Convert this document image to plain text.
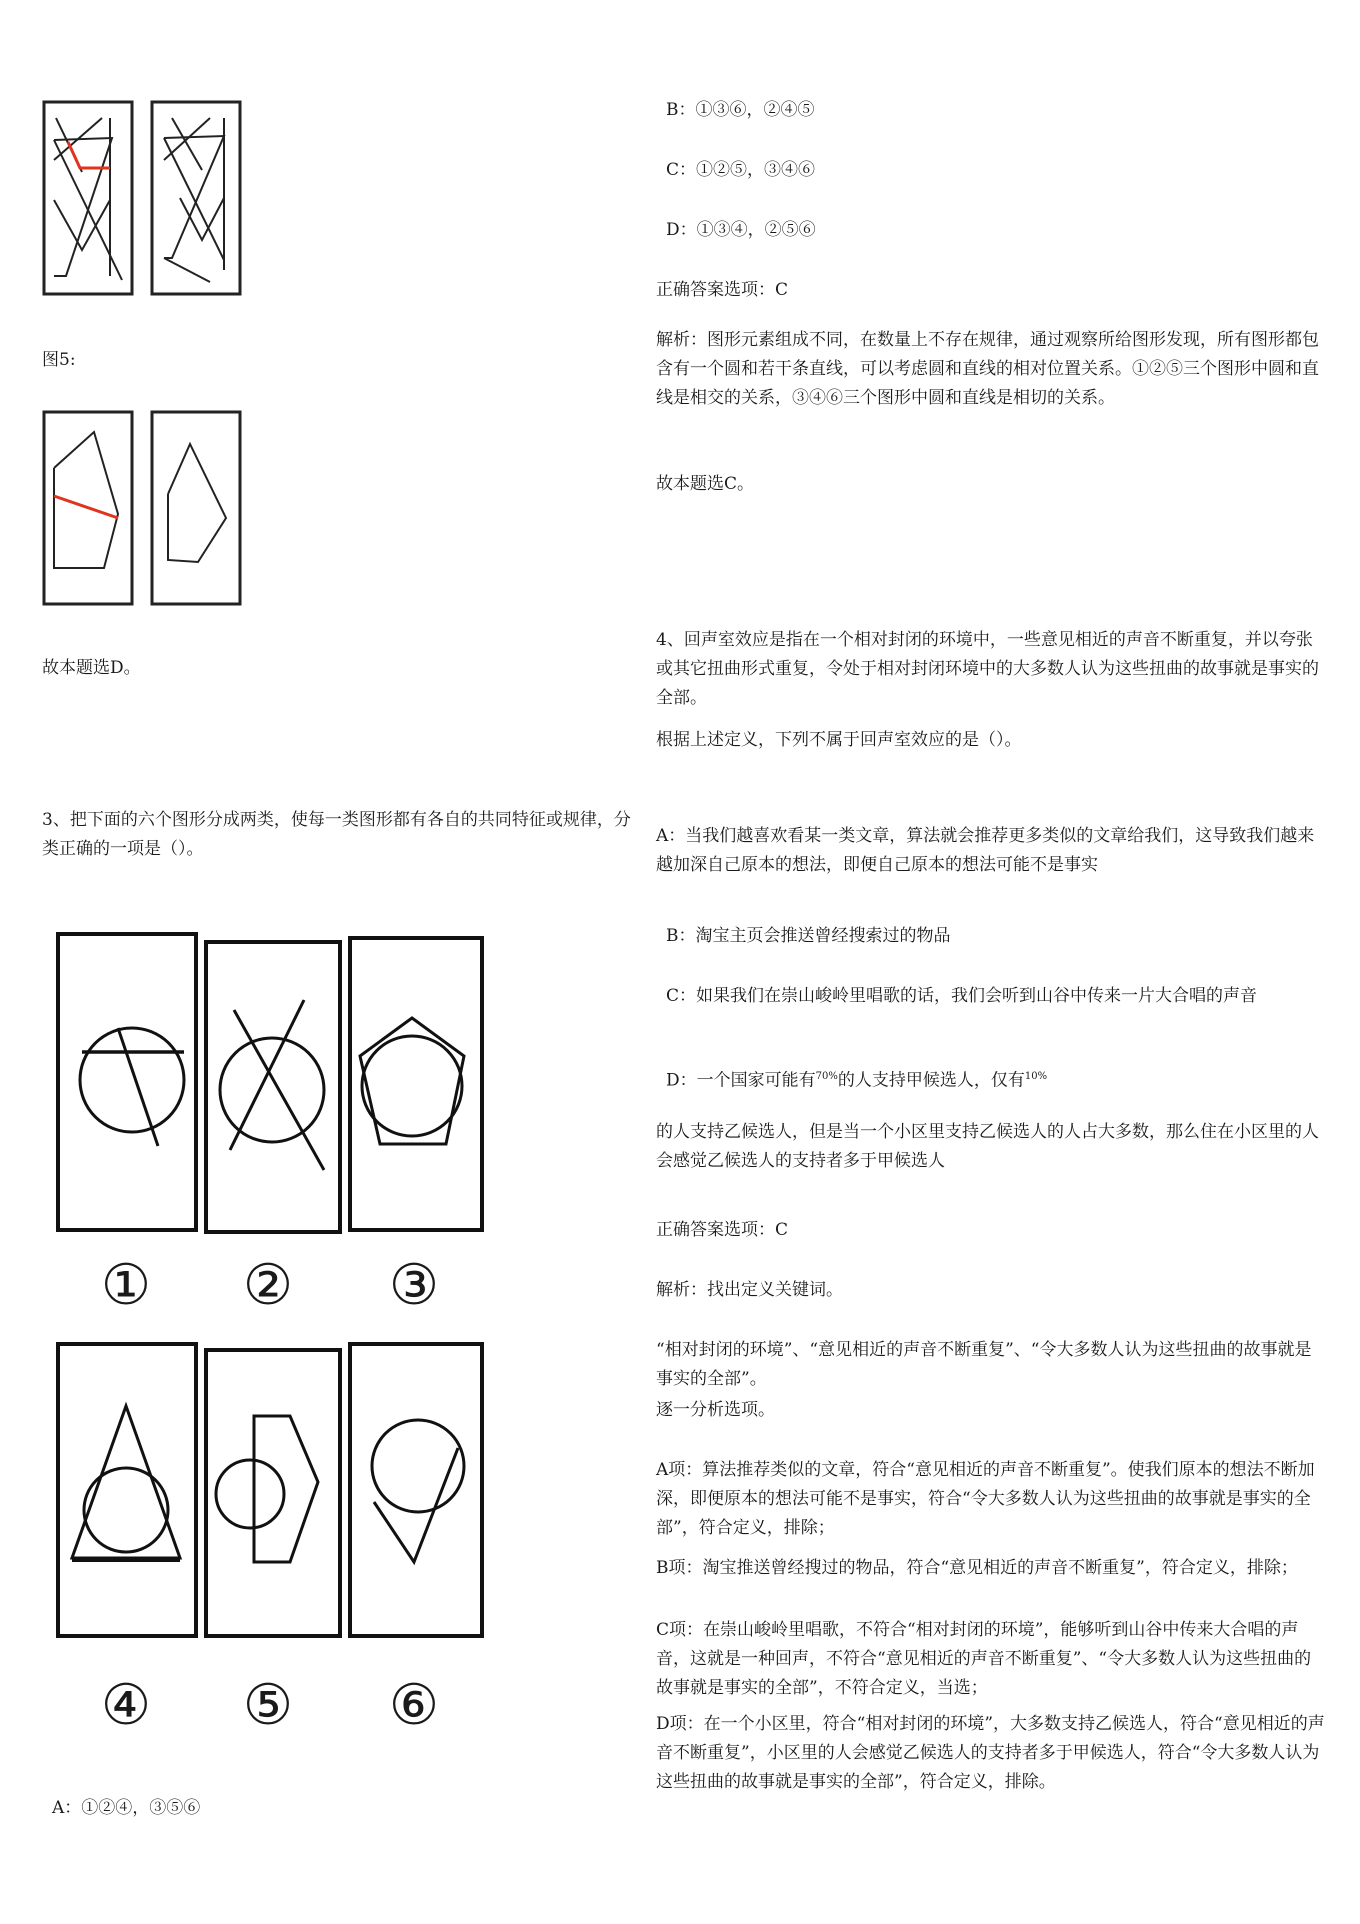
图5:
故本题选D。
3、把下面的六个图形分成两类，使每一类图形都有各自的共同特征或规律，分类正确的一项是（）。
① ② ③
④ ⑤ ⑥
A：①②④，③⑤⑥
B：①③⑥，②④⑤
C：①②⑤，③④⑥
D：①③④，②⑤⑥
正确答案选项：C
解析：图形元素组成不同，在数量上不存在规律，通过观察所给图形发现，所有图形都包含有一个圆和若干条直线，可以考虑圆和直线的相对位置关系。①②⑤三个图形中圆和直线是相交的关系，③④⑥三个图形中圆和直线是相切的关系。
故本题选C。
4、回声室效应是指在一个相对封闭的环境中，一些意见相近的声音不断重复，并以夸张或其它扭曲形式重复，令处于相对封闭环境中的大多数人认为这些扭曲的故事就是事实的全部。
根据上述定义，下列不属于回声室效应的是（）。
A：当我们越喜欢看某一类文章，算法就会推荐更多类似的文章给我们，这导致我们越来越加深自己原本的想法，即便自己原本的想法可能不是事实
B：淘宝主页会推送曾经搜索过的物品
C：如果我们在崇山峻岭里唱歌的话，我们会听到山谷中传来一片大合唱的声音
D：一个国家可能有$^{70\%}$的人支持甲候选人，仅有$^{10\%}$
的人支持乙候选人，但是当一个小区里支持乙候选人的人占大多数，那么住在小区里的人会感觉乙候选人的支持者多于甲候选人
正确答案选项：C
解析：找出定义关键词。
“相对封闭的环境”、“意见相近的声音不断重复”、“令大多数人认为这些扭曲的故事就是事实的全部”。
逐一分析选项。
A项：算法推荐类似的文章，符合“意见相近的声音不断重复”。使我们原本的想法不断加深，即便原本的想法可能不是事实，符合“令大多数人认为这些扭曲的故事就是事实的全部”，符合定义，排除；
B项：淘宝推送曾经搜过的物品，符合“意见相近的声音不断重复”，符合定义，排除；
C项：在崇山峻岭里唱歌，不符合“相对封闭的环境”，能够听到山谷中传来大合唱的声音，这就是一种回声，不符合“意见相近的声音不断重复”、“令大多数人认为这些扭曲的故事就是事实的全部”，不符合定义，当选；
D项：在一个小区里，符合“相对封闭的环境”，大多数支持乙候选人，符合“意见相近的声音不断重复”，小区里的人会感觉乙候选人的支持者多于甲候选人，符合“令大多数人认为这些扭曲的故事就是事实的全部”，符合定义，排除。
